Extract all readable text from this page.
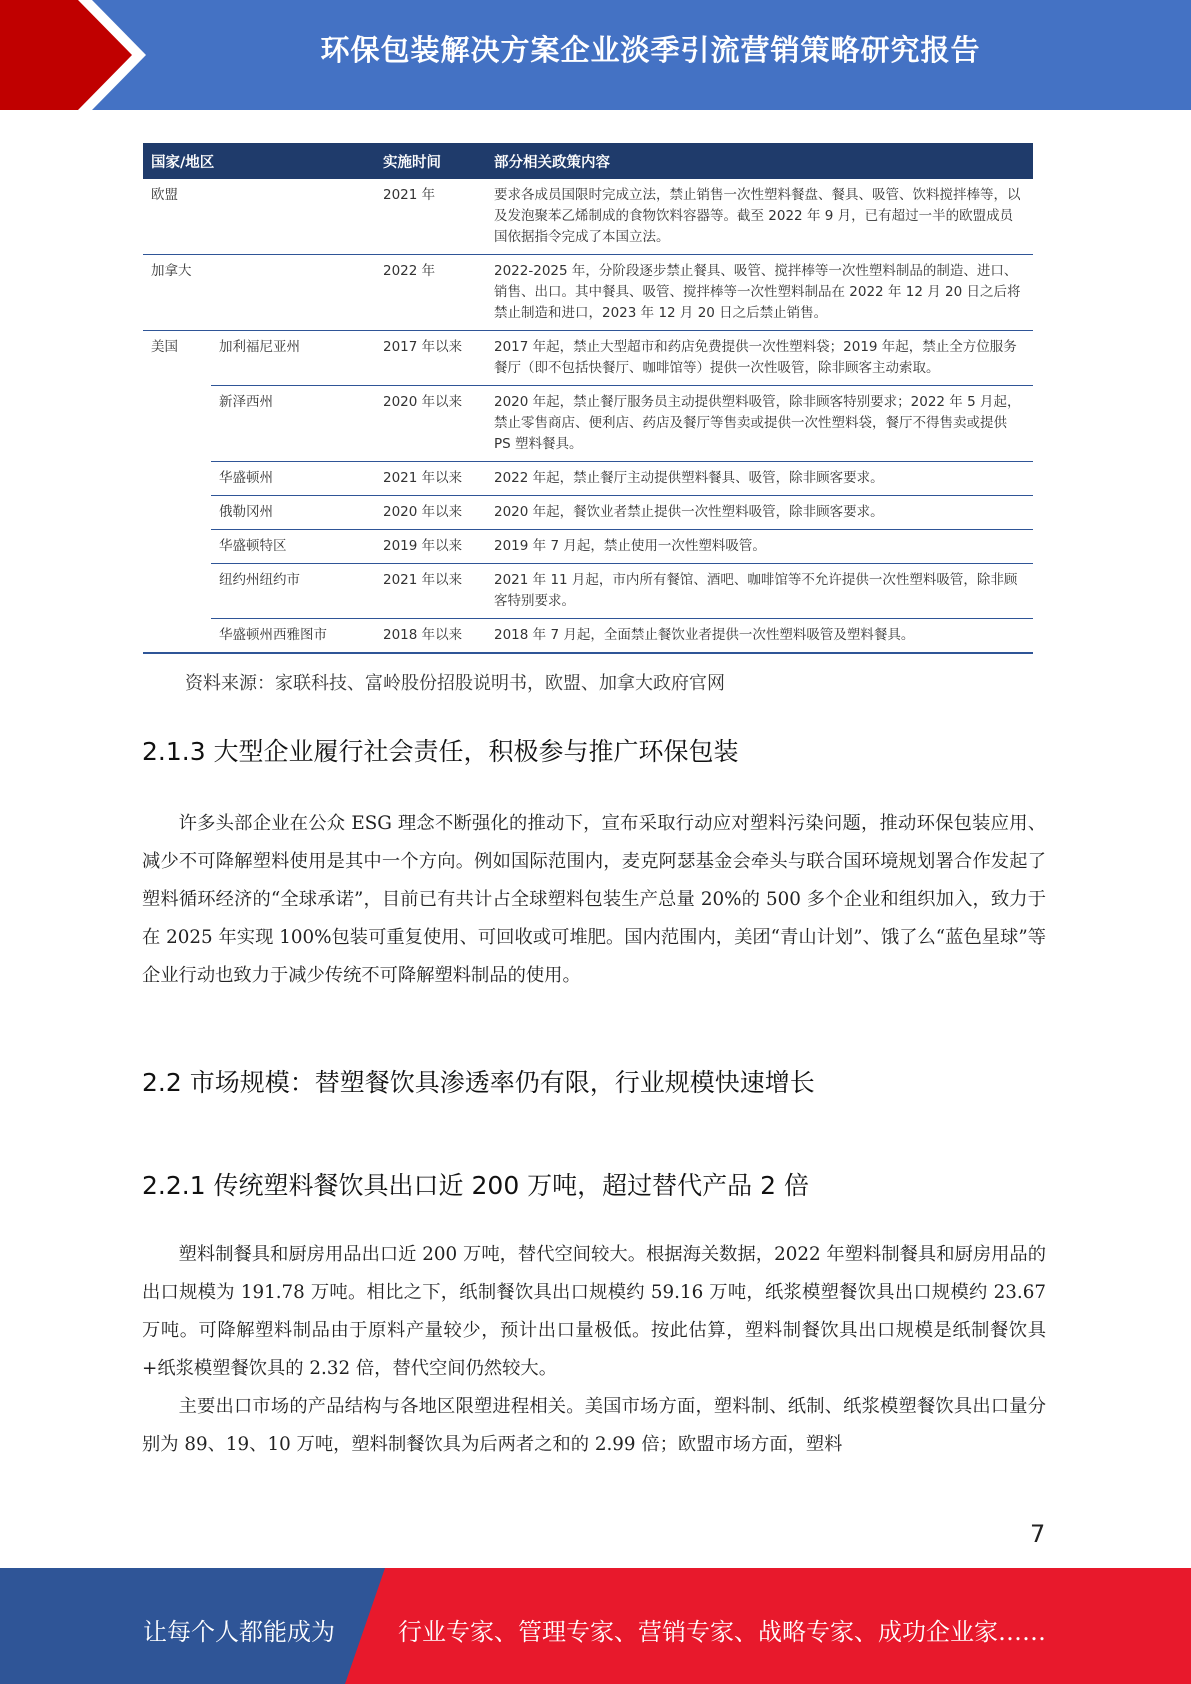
环保包装解决方案企业淡季引流营销策略研究报告
国家/地区		实施时间	部分相关政策内容
欧盟		2021 年	要求各成员国限时完成立法，禁止销售一次性塑料餐盘、餐具、吸管、饮料搅拌棒等，以及发泡聚苯乙烯制成的食物饮料容器等。截至 2022 年 9 月，已有超过一半的欧盟成员国依据指令完成了本国立法。
加拿大		2022 年	2022-2025 年，分阶段逐步禁止餐具、吸管、搅拌棒等一次性塑料制品的制造、进口、销售、出口。其中餐具、吸管、搅拌棒等一次性塑料制品在 2022 年 12 月 20 日之后将禁止制造和进口，2023 年 12 月 20 日之后禁止销售。
美国	加利福尼亚州	2017 年以来	2017 年起，禁止大型超市和药店免费提供一次性塑料袋；2019 年起，禁止全方位服务餐厅（即不包括快餐厅、咖啡馆等）提供一次性吸管，除非顾客主动索取。
	新泽西州	2020 年以来	2020 年起，禁止餐厅服务员主动提供塑料吸管，除非顾客特别要求；2022 年 5 月起，禁止零售商店、便利店、药店及餐厅等售卖或提供一次性塑料袋，餐厅不得售卖或提供 PS 塑料餐具。
	华盛顿州	2021 年以来	2022 年起，禁止餐厅主动提供塑料餐具、吸管，除非顾客要求。
	俄勒冈州	2020 年以来	2020 年起，餐饮业者禁止提供一次性塑料吸管，除非顾客要求。
	华盛顿特区	2019 年以来	2019 年 7 月起，禁止使用一次性塑料吸管。
	纽约州纽约市	2021 年以来	2021 年 11 月起，市内所有餐馆、酒吧、咖啡馆等不允许提供一次性塑料吸管，除非顾客特别要求。
	华盛顿州西雅图市	2018 年以来	2018 年 7 月起，全面禁止餐饮业者提供一次性塑料吸管及塑料餐具。
资料来源：家联科技、富岭股份招股说明书，欧盟、加拿大政府官网
2.1.3 大型企业履行社会责任，积极参与推广环保包装
许多头部企业在公众 ESG 理念不断强化的推动下，宣布采取行动应对塑料污染问题，推动环保包装应用、减少不可降解塑料使用是其中一个方向。例如国际范围内，麦克阿瑟基金会牵头与联合国环境规划署合作发起了塑料循环经济的“全球承诺”，目前已有共计占全球塑料包装生产总量 20%的 500 多个企业和组织加入，致力于在 2025 年实现 100%包装可重复使用、可回收或可堆肥。国内范围内，美团“青山计划”、饿了么“蓝色星球”等企业行动也致力于减少传统不可降解塑料制品的使用。
2.2 市场规模：替塑餐饮具渗透率仍有限，行业规模快速增长
2.2.1 传统塑料餐饮具出口近 200 万吨，超过替代产品 2 倍
塑料制餐具和厨房用品出口近 200 万吨，替代空间较大。根据海关数据，2022 年塑料制餐具和厨房用品的出口规模为 191.78 万吨。相比之下，纸制餐饮具出口规模约 59.16 万吨，纸浆模塑餐饮具出口规模约 23.67 万吨。可降解塑料制品由于原料产量较少，预计出口量极低。按此估算，塑料制餐饮具出口规模是纸制餐饮具+纸浆模塑餐饮具的 2.32 倍，替代空间仍然较大。
主要出口市场的产品结构与各地区限塑进程相关。美国市场方面，塑料制、纸制、纸浆模塑餐饮具出口量分别为 89、19、10 万吨，塑料制餐饮具为后两者之和的 2.99 倍；欧盟市场方面，塑料
7
让每个人都能成为	行业专家、管理专家、营销专家、战略专家、成功企业家……
